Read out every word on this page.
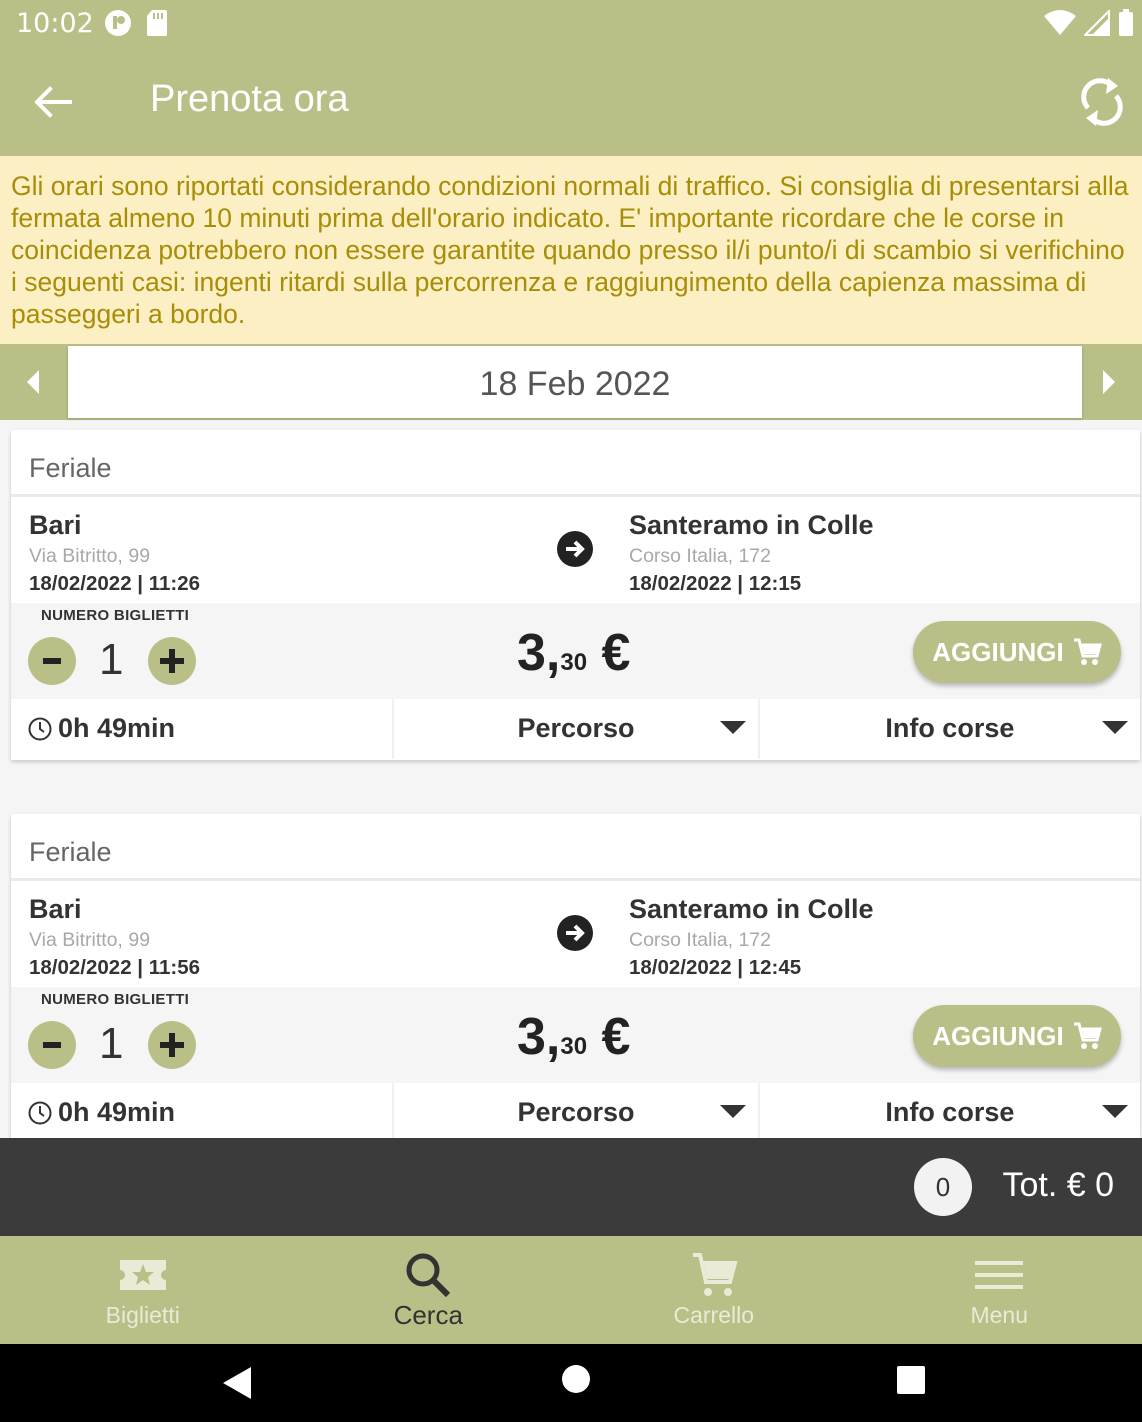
10:02
Prenota ora

Gli orari sono riportati considerando condizioni normali di traffico. Si consiglia di presentarsi alla fermata almeno 10 minuti prima dell'orario indicato. E' importante ricordare che le corse in coincidenza potrebbero non essere garantite quando presso il/i punto/i di scambio si verifichino i seguenti casi: ingenti ritardi sulla percorrenza e raggiungimento della capienza massima di passeggeri a bordo.

18 Feb 2022
Feriale
Bari
Via Bitritto, 99
18/02/2022 | 11:26
Santeramo in Colle
Corso Italia, 172
18/02/2022 | 12:15
NUMERO BIGLIETTI
1	3,30 €	AGGIUNGI
0h 49min	Percorso	Info corse
Feriale
Bari
Via Bitritto, 99
18/02/2022 | 11:56
Santeramo in Colle
Corso Italia, 172
18/02/2022 | 12:45
NUMERO BIGLIETTI
1	3,30 €	AGGIUNGI
0h 49min	Percorso	Info corse
0	Tot. € 0
Biglietti	Cerca	Carrello	Menu
